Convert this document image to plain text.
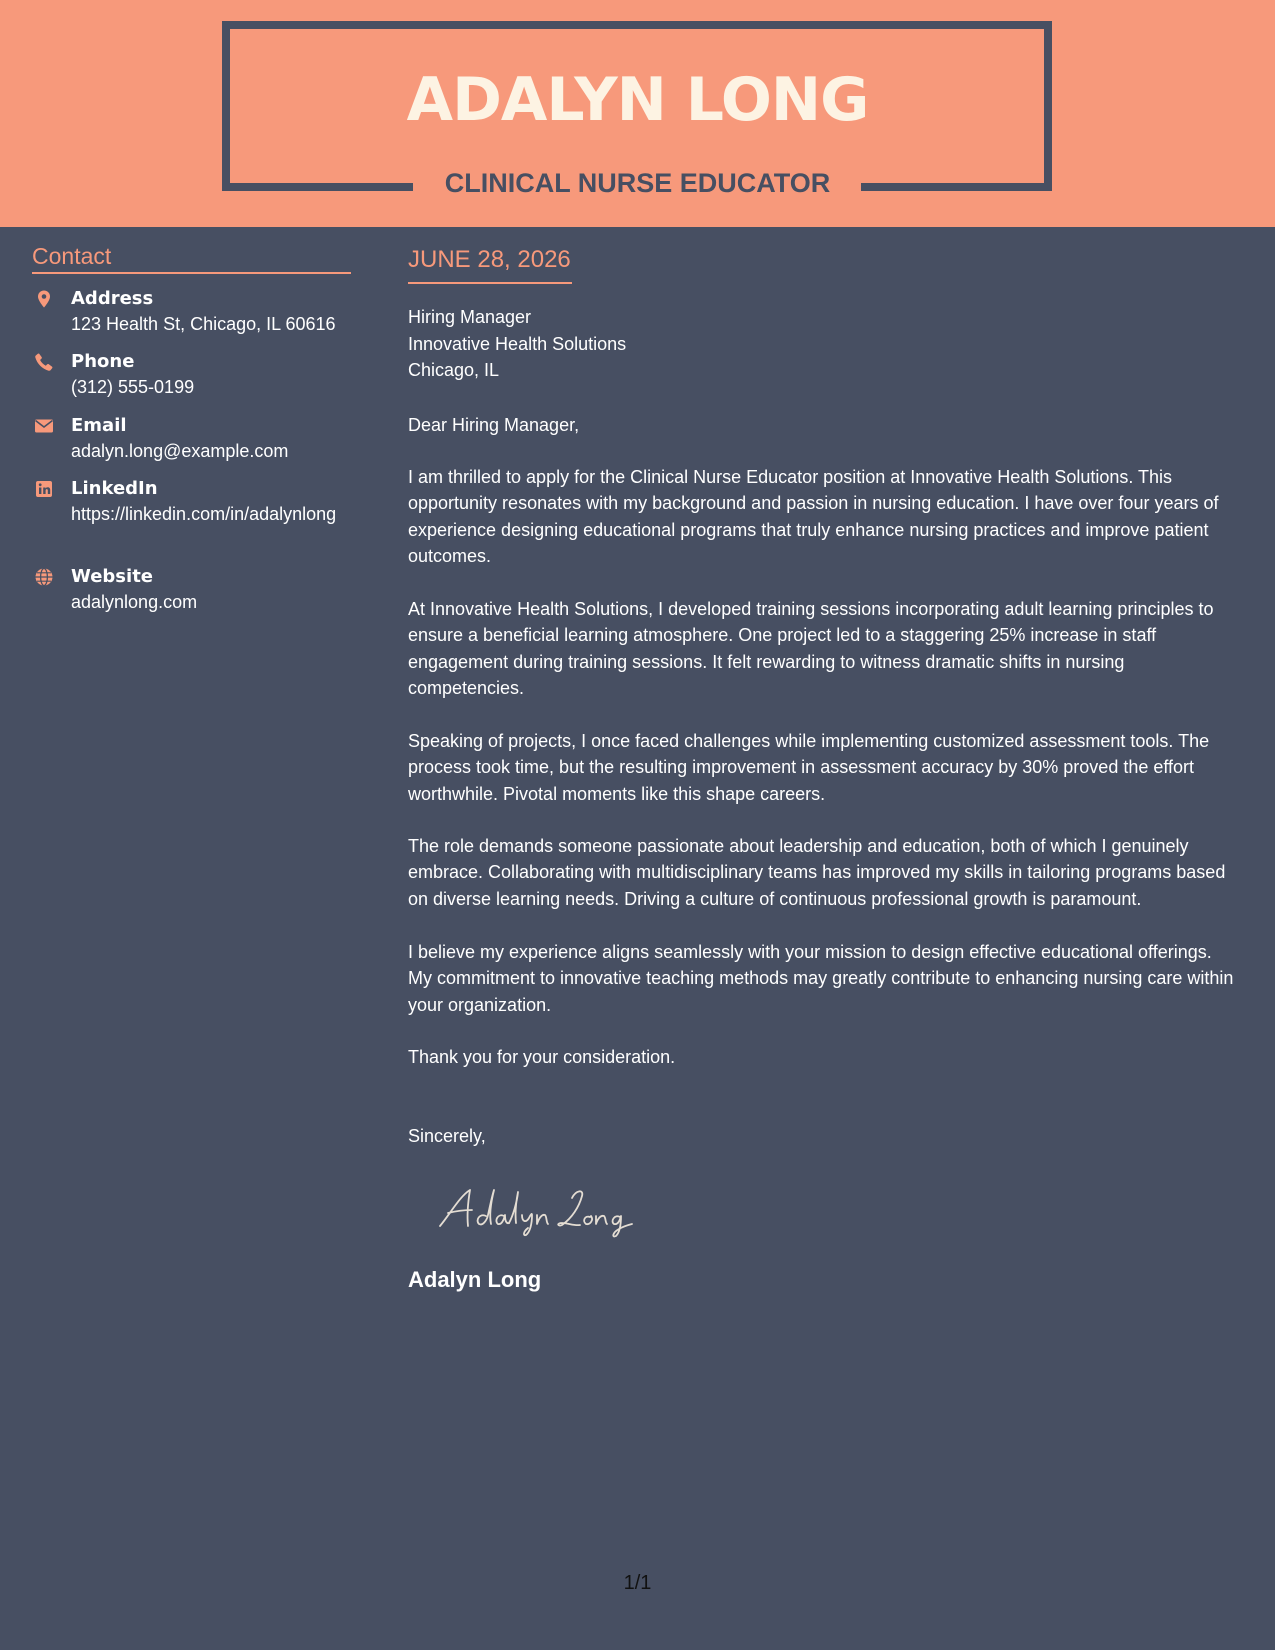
ADALYN LONG
CLINICAL NURSE EDUCATOR
Contact
Address
123 Health St, Chicago, IL 60616
Phone
(312) 555-0199
Email
adalyn.long@example.com
LinkedIn
https://linkedin.com/in/adalynlong
Website
adalynlong.com
JUNE 28, 2026
Hiring Manager
Innovative Health Solutions
Chicago, IL
Dear Hiring Manager,

I am thrilled to apply for the Clinical Nurse Educator position at Innovative Health Solutions. This opportunity resonates with my background and passion in nursing education. I have over four years of experience designing educational programs that truly enhance nursing practices and improve patient outcomes.

At Innovative Health Solutions, I developed training sessions incorporating adult learning principles to ensure a beneficial learning atmosphere. One project led to a staggering 25% increase in staff engagement during training sessions. It felt rewarding to witness dramatic shifts in nursing competencies.

Speaking of projects, I once faced challenges while implementing customized assessment tools. The process took time, but the resulting improvement in assessment accuracy by 30% proved the effort worthwhile. Pivotal moments like this shape careers.

The role demands someone passionate about leadership and education, both of which I genuinely embrace. Collaborating with multidisciplinary teams has improved my skills in tailoring programs based on diverse learning needs. Driving a culture of continuous professional growth is paramount.

I believe my experience aligns seamlessly with your mission to design effective educational offerings. My commitment to innovative teaching methods may greatly contribute to enhancing nursing care within your organization.

Thank you for your consideration.

Sincerely,
Adalyn Long
1/1
